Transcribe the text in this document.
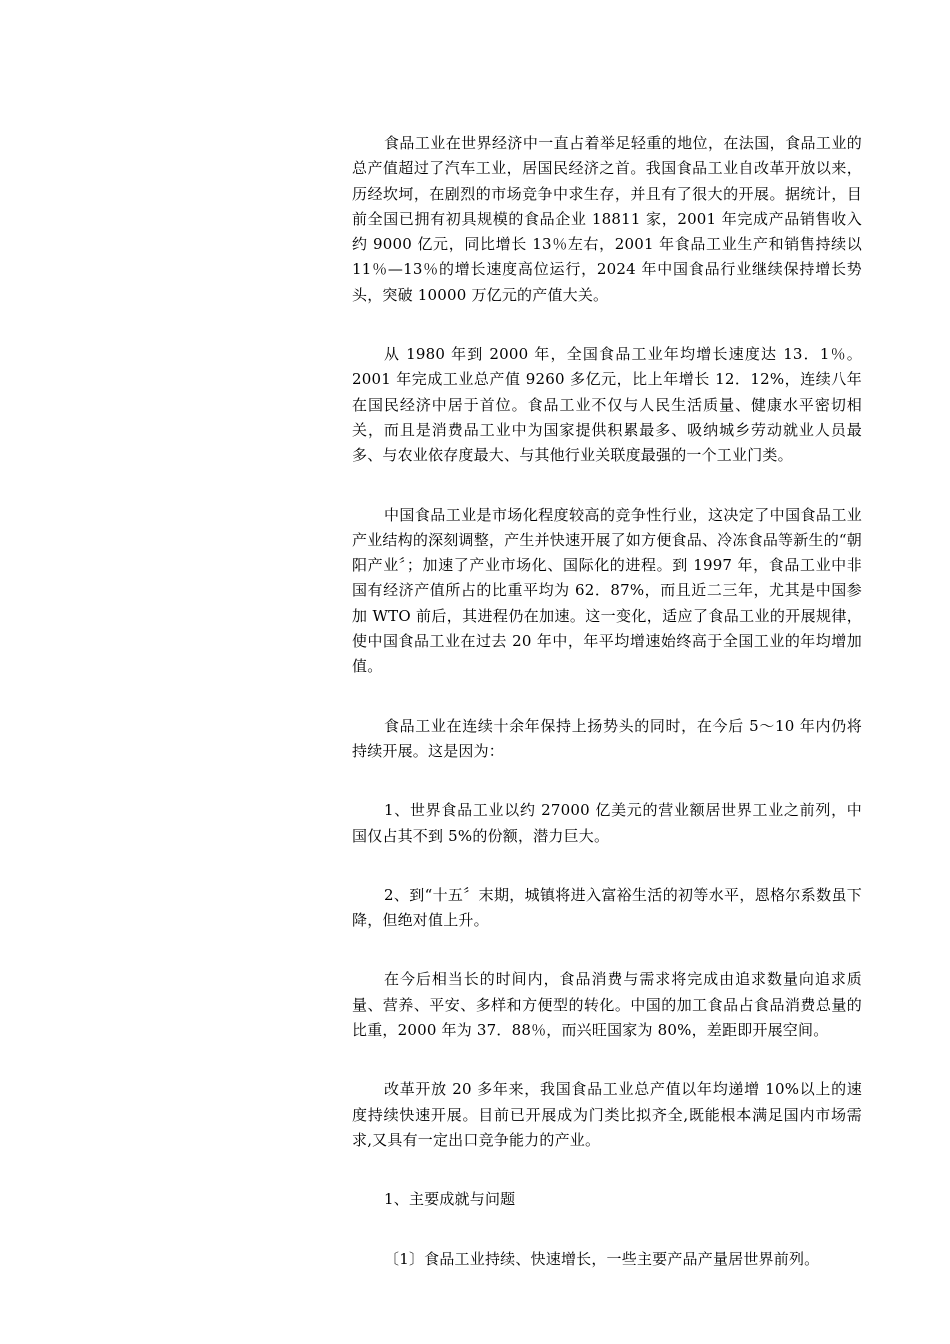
食品工业在世界经济中一直占着举足轻重的地位，在法国，食品工业的总产值超过了汽车工业，居国民经济之首。我国食品工业自改革开放以来，历经坎坷，在剧烈的市场竞争中求生存，并且有了很大的开展。据统计，目前全国已拥有初具规模的食品企业 18811 家，2001 年完成产品销售收入约 9000 亿元，同比增长 13％左右，2001 年食品工业生产和销售持续以 11％—13％的增长速度高位运行，2024 年中国食品行业继续保持增长势头，突破 10000 万亿元的产值大关。

从 1980 年到 2000 年，全国食品工业年均增长速度达 13．1％。2001 年完成工业总产值 9260 多亿元，比上年增长 12．12%，连续八年在国民经济中居于首位。食品工业不仅与人民生活质量、健康水平密切相关，而且是消费品工业中为国家提供积累最多、吸纳城乡劳动就业人员最多、与农业依存度最大、与其他行业关联度最强的一个工业门类。

中国食品工业是市场化程度较高的竞争性行业，这决定了中国食品工业产业结构的深刻调整，产生并快速开展了如方便食品、冷冻食品等新生的“朝阳产业〞；加速了产业市场化、国际化的进程。到 1997 年，食品工业中非国有经济产值所占的比重平均为 62．87%，而且近二三年，尤其是中国参加 WTO 前后，其进程仍在加速。这一变化，适应了食品工业的开展规律，使中国食品工业在过去 20 年中，年平均增速始终高于全国工业的年均增加值。

食品工业在连续十余年保持上扬势头的同时，在今后 5～10 年内仍将持续开展。这是因为：

1、世界食品工业以约 27000 亿美元的营业额居世界工业之前列，中国仅占其不到 5%的份额，潜力巨大。

2、到“十五〞末期，城镇将进入富裕生活的初等水平，恩格尔系数虽下降，但绝对值上升。

在今后相当长的时间内，食品消费与需求将完成由追求数量向追求质量、营养、平安、多样和方便型的转化。中国的加工食品占食品消费总量的比重，2000 年为 37．88％，而兴旺国家为 80%，差距即开展空间。

改革开放 20 多年来，我国食品工业总产值以年均递增 10%以上的速度持续快速开展。目前已开展成为门类比拟齐全,既能根本满足国内市场需求,又具有一定出口竞争能力的产业。

1、主要成就与问题

〔1〕食品工业持续、快速增长，一些主要产品产量居世界前列。
